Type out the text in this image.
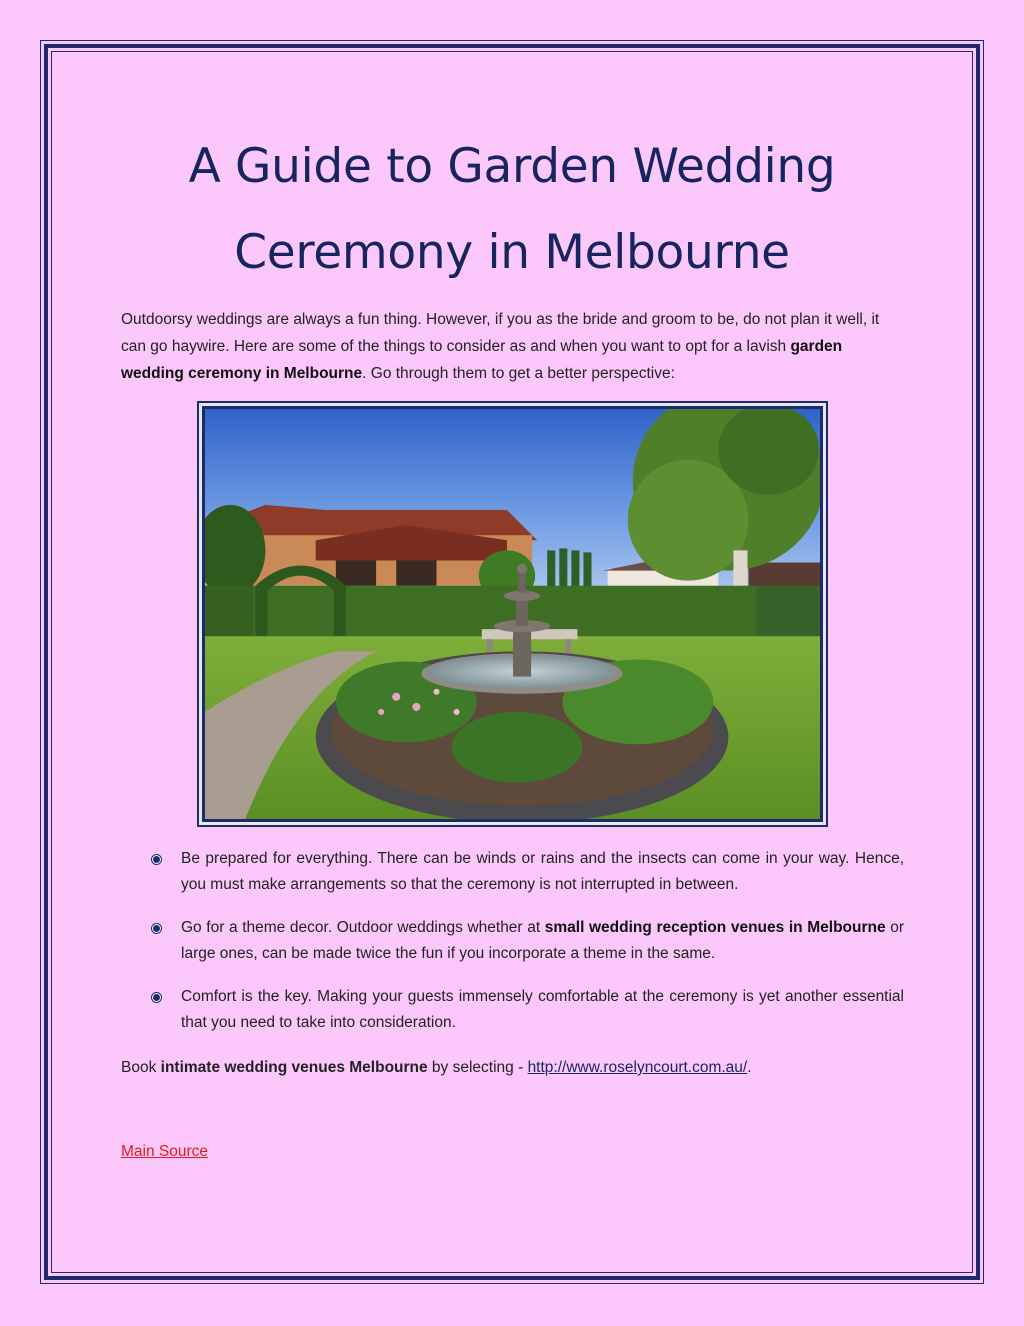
A Guide to Garden Wedding
Ceremony in Melbourne

Outdoorsy weddings are always a fun thing. However, if you as the bride and groom to be, do not plan it well, it can go haywire. Here are some of the things to consider as and when you want to opt for a lavish garden wedding ceremony in Melbourne. Go through them to get a better perspective:

Be prepared for everything. There can be winds or rains and the insects can come in your way. Hence, you must make arrangements so that the ceremony is not interrupted in between.
Go for a theme decor. Outdoor weddings whether at small wedding reception venues in Melbourne or large ones, can be made twice the fun if you incorporate a theme in the same.
Comfort is the key. Making your guests immensely comfortable at the ceremony is yet another essential that you need to take into consideration.

Book intimate wedding venues Melbourne by selecting - http://www.roselyncourt.com.au/.

Main Source
